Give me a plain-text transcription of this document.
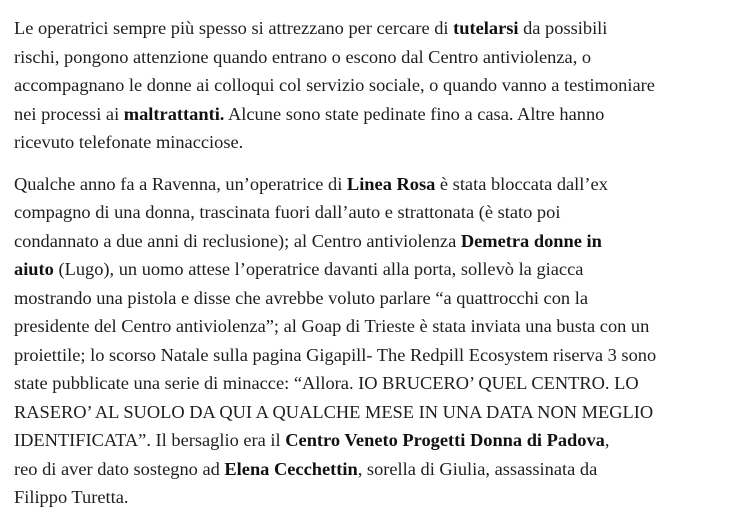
Le operatrici sempre più spesso si attrezzano per cercare di tutelarsi da possibili
rischi, pongono attenzione quando entrano o escono dal Centro antiviolenza, o
accompagnano le donne ai colloqui col servizio sociale, o quando vanno a testimoniare
nei processi ai maltrattanti. Alcune sono state pedinate fino a casa. Altre hanno
ricevuto telefonate minacciose.

Qualche anno fa a Ravenna, un’operatrice di Linea Rosa è stata bloccata dall’ex
compagno di una donna, trascinata fuori dall’auto e strattonata (è stato poi
condannato a due anni di reclusione); al Centro antiviolenza Demetra donne in
aiuto (Lugo), un uomo attese l’operatrice davanti alla porta, sollevò la giacca
mostrando una pistola e disse che avrebbe voluto parlare “a quattrocchi con la
presidente del Centro antiviolenza”; al Goap di Trieste è stata inviata una busta con un
proiettile; lo scorso Natale sulla pagina Gigapill- The Redpill Ecosystem riserva 3 sono
state pubblicate una serie di minacce: “Allora. IO BRUCERO’ QUEL CENTRO. LO
RASERO’ AL SUOLO DA QUI A QUALCHE MESE IN UNA DATA NON MEGLIO
IDENTIFICATA”. Il bersaglio era il Centro Veneto Progetti Donna di Padova,
reo di aver dato sostegno ad Elena Cecchettin, sorella di Giulia, assassinata da
Filippo Turetta.
